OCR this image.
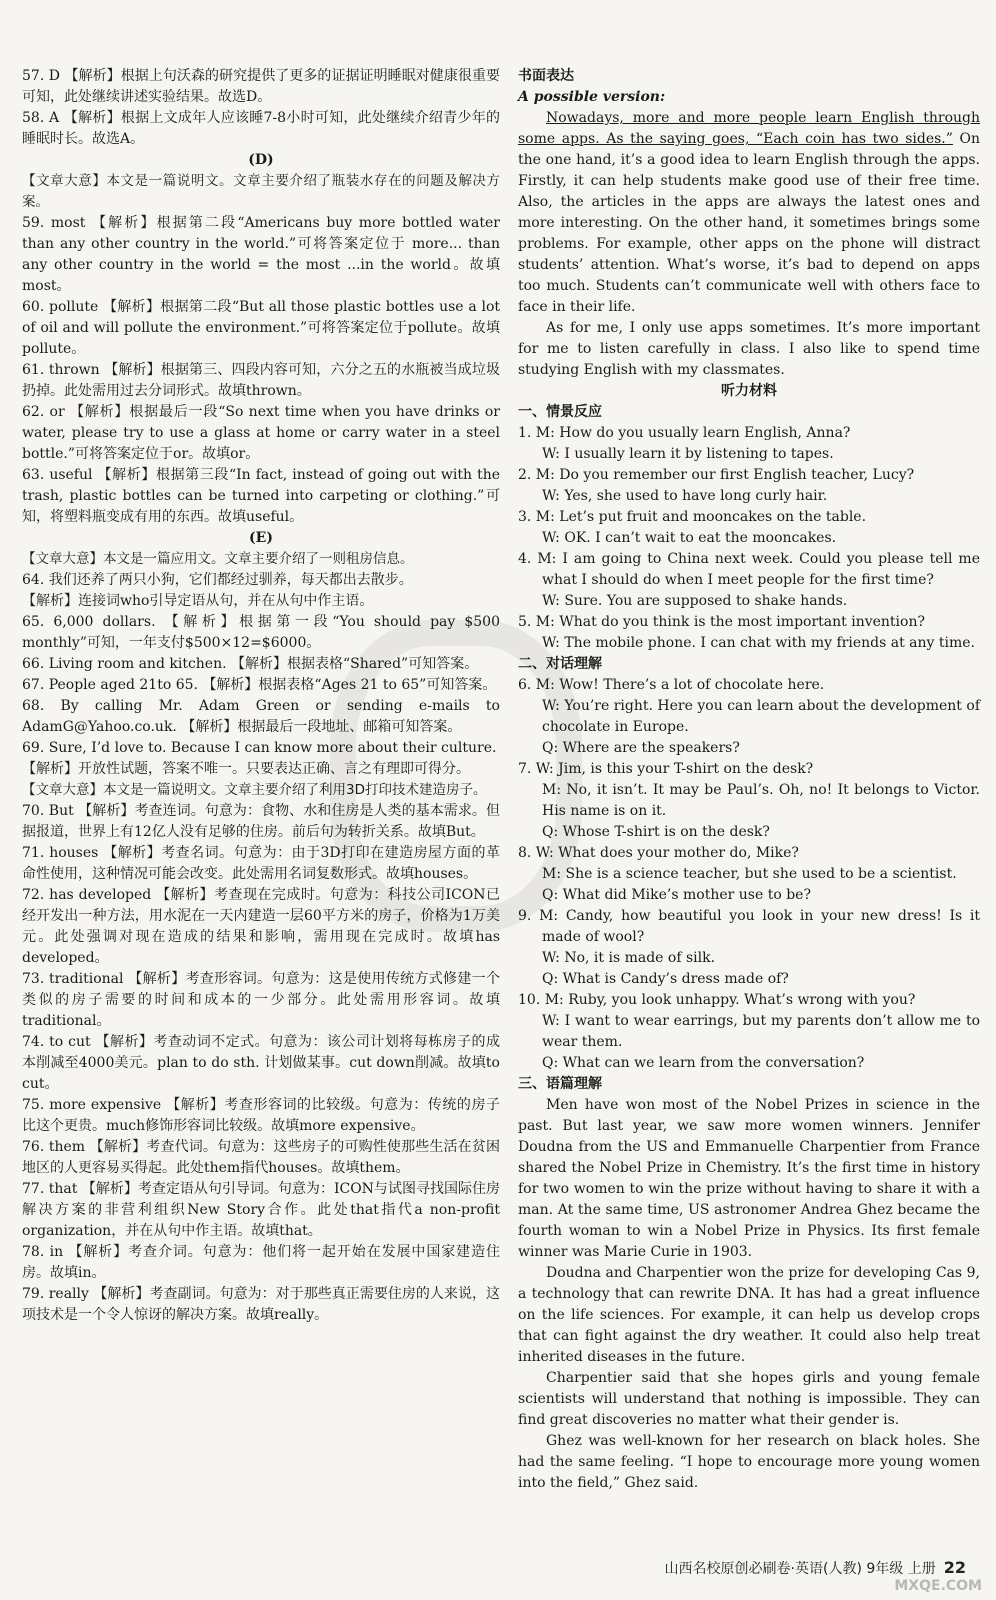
57. D 【解析】根据上句沃森的研究提供了更多的证据证明睡眠对健康很重要可知，此处继续讲述实验结果。故选D。

58. A 【解析】根据上文成年人应该睡7-8小时可知，此处继续介绍青少年的睡眠时长。故选A。

(D)

【文章大意】本文是一篇说明文。文章主要介绍了瓶装水存在的问题及解决方案。

59. most 【解析】根据第二段“Americans buy more bottled water than any other country in the world.”可将答案定位于 more... than any other country in the world = the most ...in the world。故填most。

60. pollute 【解析】根据第二段“But all those plastic bottles use a lot of oil and will pollute the environment.”可将答案定位于pollute。故填pollute。

61. thrown 【解析】根据第三、四段内容可知，六分之五的水瓶被当成垃圾扔掉。此处需用过去分词形式。故填thrown。

62. or 【解析】根据最后一段“So next time when you have drinks or water, please try to use a glass at home or carry water in a steel bottle.”可将答案定位于or。故填or。

63. useful 【解析】根据第三段“In fact, instead of going out with the trash, plastic bottles can be turned into carpeting or clothing.”可知，将塑料瓶变成有用的东西。故填useful。

(E)

【文章大意】本文是一篇应用文。文章主要介绍了一则租房信息。

64. 我们还养了两只小狗，它们都经过驯养，每天都出去散步。

【解析】连接词who引导定语从句，并在从句中作主语。

65. 6,000 dollars. 【解析】根据第一段“You should pay $500 monthly”可知，一年支付$500×12=$6000。

66. Living room and kitchen. 【解析】根据表格“Shared”可知答案。

67. People aged 21to 65. 【解析】根据表格“Ages 21 to 65”可知答案。

68. By calling Mr. Adam Green or sending e-mails to AdamG@Yahoo.co.uk. 【解析】根据最后一段地址、邮箱可知答案。

69. Sure, I’d love to. Because I can know more about their culture.

【解析】开放性试题，答案不唯一。只要表达正确、言之有理即可得分。

【文章大意】本文是一篇说明文。文章主要介绍了利用3D打印技术建造房子。

70. But 【解析】考查连词。句意为：食物、水和住房是人类的基本需求。但据报道，世界上有12亿人没有足够的住房。前后句为转折关系。故填But。

71. houses 【解析】考查名词。句意为：由于3D打印在建造房屋方面的革命性使用，这种情况可能会改变。此处需用名词复数形式。故填houses。

72. has developed 【解析】考查现在完成时。句意为：科技公司ICON已经开发出一种方法，用水泥在一天内建造一层60平方米的房子，价格为1万美元。此处强调对现在造成的结果和影响，需用现在完成时。故填has developed。

73. traditional 【解析】考查形容词。句意为：这是使用传统方式修建一个类似的房子需要的时间和成本的一少部分。此处需用形容词。故填traditional。

74. to cut 【解析】考查动词不定式。句意为：该公司计划将每栋房子的成本削减至4000美元。plan to do sth. 计划做某事。cut down削减。故填to cut。

75. more expensive 【解析】考查形容词的比较级。句意为：传统的房子比这个更贵。much修饰形容词比较级。故填more expensive。

76. them 【解析】考查代词。句意为：这些房子的可购性使那些生活在贫困地区的人更容易买得起。此处them指代houses。故填them。

77. that 【解析】考查定语从句引导词。句意为：ICON与试图寻找国际住房解决方案的非营利组织New Story合作。此处that指代a non-profit organization，并在从句中作主语。故填that。

78. in 【解析】考查介词。句意为：他们将一起开始在发展中国家建造住房。故填in。

79. really 【解析】考查副词。句意为：对于那些真正需要住房的人来说，这项技术是一个令人惊讶的解决方案。故填really。

书面表达

A possible version:

Nowadays, more and more people learn English through some apps. As the saying goes, “Each coin has two sides.” On the one hand, it’s a good idea to learn English through the apps. Firstly, it can help students make good use of their free time. Also, the articles in the apps are always the latest ones and more interesting. On the other hand, it sometimes brings some problems. For example, other apps on the phone will distract students’ attention. What’s worse, it’s bad to depend on apps too much. Students can’t communicate well with others face to face in their life.

As for me, I only use apps sometimes. It’s more important for me to listen carefully in class. I also like to spend time studying English with my classmates.

听力材料

一、情景反应

1. M: How do you usually learn English, Anna?

W: I usually learn it by listening to tapes.

2. M: Do you remember our first English teacher, Lucy?

W: Yes, she used to have long curly hair.

3. M: Let’s put fruit and mooncakes on the table.

W: OK. I can’t wait to eat the mooncakes.

4. M: I am going to China next week. Could you please tell me what I should do when I meet people for the first time?

W: Sure. You are supposed to shake hands.

5. M: What do you think is the most important invention?

W: The mobile phone. I can chat with my friends at any time.

二、对话理解

6. M: Wow! There’s a lot of chocolate here.

W: You’re right. Here you can learn about the development of chocolate in Europe.

Q: Where are the speakers?

7. W: Jim, is this your T-shirt on the desk?

M: No, it isn’t. It may be Paul’s. Oh, no! It belongs to Victor. His name is on it.

Q: Whose T-shirt is on the desk?

8. W: What does your mother do, Mike?

M: She is a science teacher, but she used to be a scientist.

Q: What did Mike’s mother use to be?

9. M: Candy, how beautiful you look in your new dress! Is it made of wool?

W: No, it is made of silk.

Q: What is Candy’s dress made of?

10. M: Ruby, you look unhappy. What’s wrong with you?

W: I want to wear earrings, but my parents don’t allow me to wear them.

Q: What can we learn from the conversation?

三、语篇理解

Men have won most of the Nobel Prizes in science in the past. But last year, we saw more women winners. Jennifer Doudna from the US and Emmanuelle Charpentier from France shared the Nobel Prize in Chemistry. It’s the first time in history for two women to win the prize without having to share it with a man. At the same time, US astronomer Andrea Ghez became the fourth woman to win a Nobel Prize in Physics. Its first female winner was Marie Curie in 1903.

Doudna and Charpentier won the prize for developing Cas 9, a technology that can rewrite DNA. It has had a great influence on the life sciences. For example, it can help us develop crops that can fight against the dry weather. It could also help treat inherited diseases in the future.

Charpentier said that she hopes girls and young female scientists will understand that nothing is impossible. They can find great discoveries no matter what their gender is.

Ghez was well-known for her research on black holes. She had the same feeling. “I hope to encourage more young women into the field,” Ghez said.

山西名校原创必刷卷·英语(人教) 9年级 上册 22
MXQE.COM
